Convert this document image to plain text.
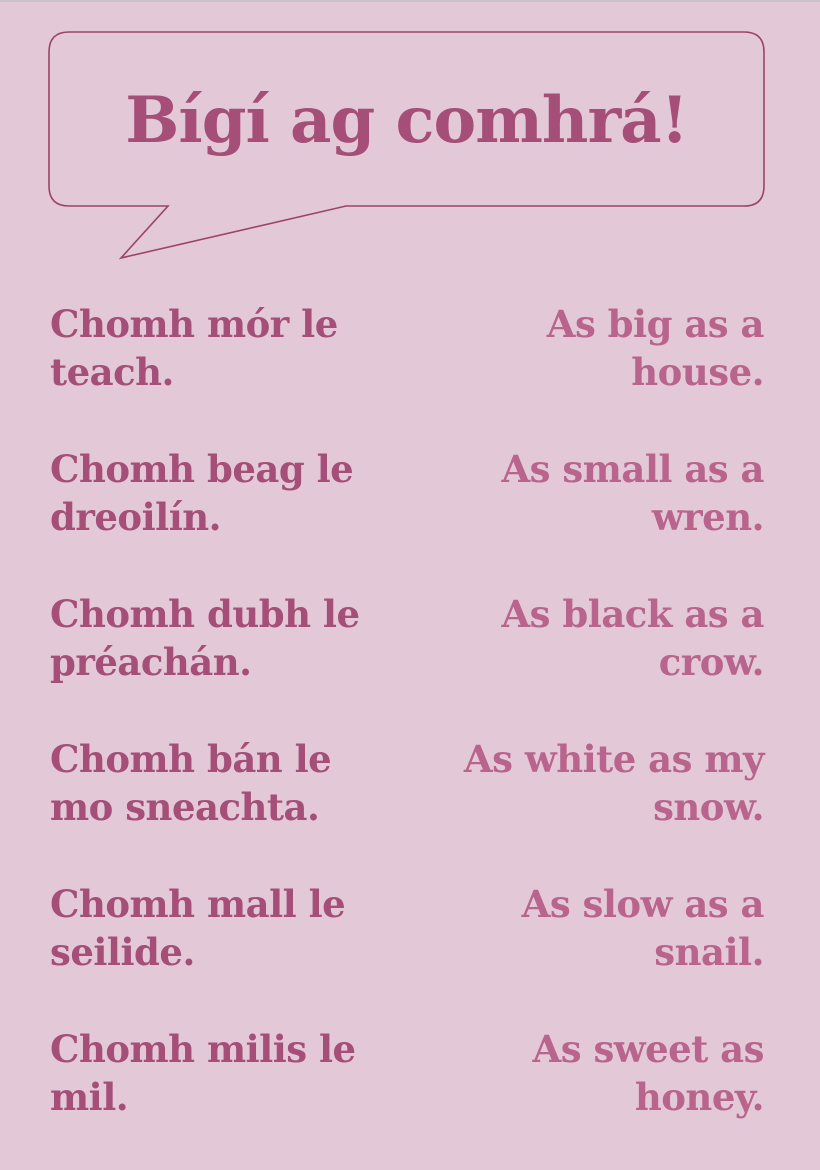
Bígí ag comhrá!
Chomh mór le teach.
As big as a house.
Chomh beag le dreoilín.
As small as a wren.
Chomh dubh le préachán.
As black as a crow.
Chomh bán le mo sneachta.
As white as my snow.
Chomh mall le seilide.
As slow as a snail.
Chomh milis le mil.
As sweet as honey.
